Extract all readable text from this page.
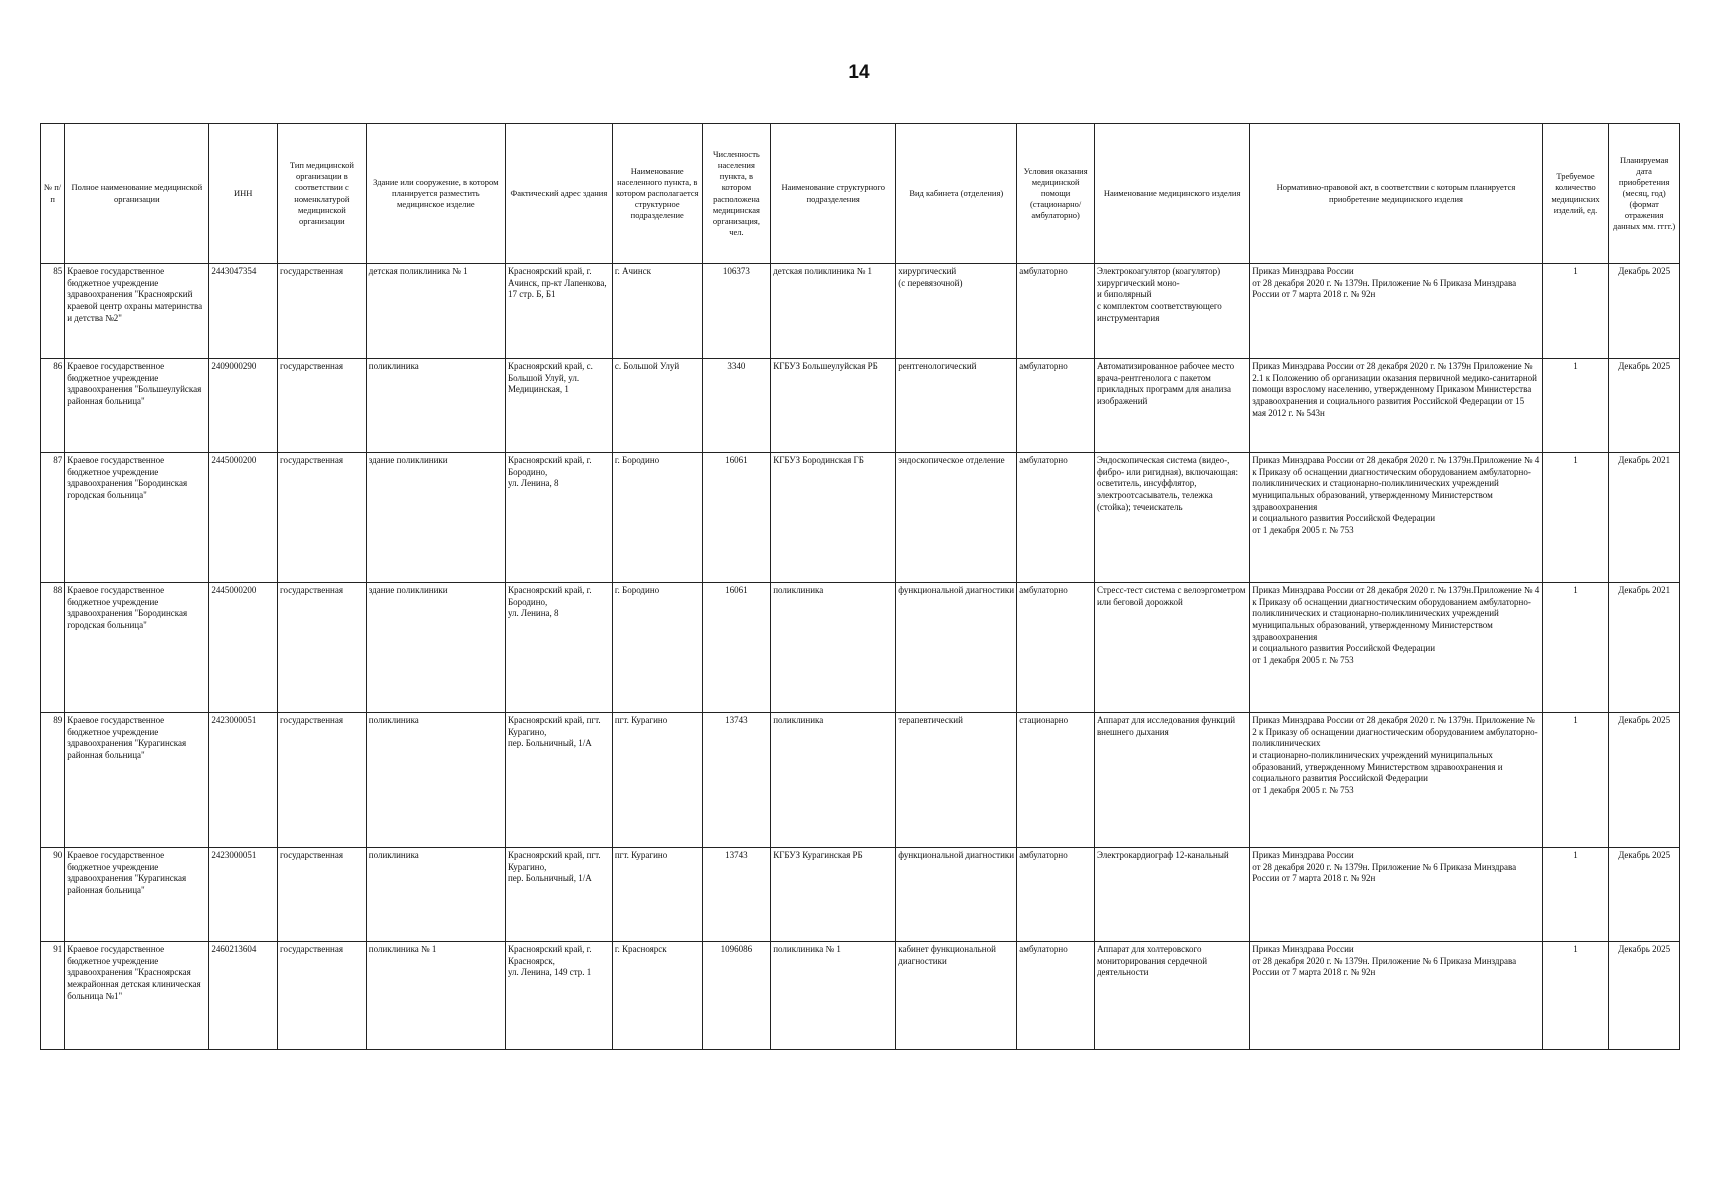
14
№ п/п	Полное наименование медицинской организации	ИНН	Тип медицинской организации в соответствии с номенклатурой медицинской организации	Здание или сооружение, в котором планируется разместить медицинское изделие	Фактический адрес здания	Наименование населенного пункта, в котором располагается структурное подразделение	Численность населения пункта, в котором расположена медицинская организация, чел.	Наименование структурного подразделения	Вид кабинета (отделения)	Условия оказания медицинской помощи (стационарно/ амбулаторно)	Наименование медицинского изделия	Нормативно-правовой акт, в соответствии с которым планируется приобретение медицинского изделия	Требуемое количество медицинских изделий, ед.	Планируемая дата приобретения (месяц, год) (формат отражения данных мм. гггг.)
85	Краевое государственное бюджетное учреждение здравоохранения "Красноярский краевой центр охраны материнства и детства №2"	2443047354	государственная	детская поликлиника № 1	Красноярский край, г. Ачинск, пр-кт Лапенкова, 17 стр. Б, Б1	г. Ачинск	106373	детская поликлиника № 1	хирургический
(с перевязочной)	амбулаторно	Электрокоагулятор (коагулятор) хирургический моно-
и биполярный
с комплектом соответствующего инструментария	Приказ Минздрава России
от 28 декабря 2020 г. № 1379н. Приложение № 6 Приказа Минздрава России от 7 марта 2018 г. № 92н	1	Декабрь 2025
86	Краевое государственное бюджетное учреждение здравоохранения "Большеулуйская районная больница"	2409000290	государственная	поликлиника	Красноярский край, с. Большой Улуй, ул. Медицинская, 1	с. Большой Улуй	3340	КГБУЗ Большеулуйская РБ	рентгенологический	амбулаторно	Автоматизированное рабочее место врача-рентгенолога с пакетом прикладных программ для анализа изображений	Приказ Минздрава России от 28 декабря 2020 г. № 1379н Приложение № 2.1 к Положению об организации оказания первичной медико-санитарной помощи взрослому населению, утвержденному Приказом Министерства здравоохранения и социального развития Российской Федерации от 15 мая 2012 г. № 543н	1	Декабрь 2025
87	Краевое государственное бюджетное учреждение здравоохранения "Бородинская городская больница"	2445000200	государственная	здание поликлиники	Красноярский край, г. Бородино,
ул. Ленина, 8	г. Бородино	16061	КГБУЗ Бородинская ГБ	эндоскопическое отделение	амбулаторно	Эндоскопическая система (видео-, фибро- или ригидная), включающая: осветитель, инсуффлятор, электроотсасыватель, тележка (стойка); течеискатель	Приказ Минздрава России от 28 декабря 2020 г. № 1379н.Приложение № 4 к Приказу об оснащении диагностическим оборудованием амбулаторно-поликлинических и стационарно-поликлинических учреждений муниципальных образований, утвержденному Министерством здравоохранения
и социального развития Российской Федерации
от 1 декабря 2005 г. № 753	1	Декабрь 2021
88	Краевое государственное бюджетное учреждение здравоохранения "Бородинская городская больница"	2445000200	государственная	здание поликлиники	Красноярский край, г. Бородино,
ул. Ленина, 8	г. Бородино	16061	поликлиника	функциональной диагностики	амбулаторно	Стресс-тест система с велоэргометром или беговой дорожкой	Приказ Минздрава России от 28 декабря 2020 г. № 1379н.Приложение № 4 к Приказу об оснащении диагностическим оборудованием амбулаторно-поликлинических и стационарно-поликлинических учреждений муниципальных образований, утвержденному Министерством здравоохранения
и социального развития Российской Федерации
от 1 декабря 2005 г. № 753	1	Декабрь 2021
89	Краевое государственное бюджетное учреждение здравоохранения "Курагинская районная больница"	2423000051	государственная	поликлиника	Красноярский край, пгт. Курагино,
пер. Больничный, 1/А	пгт. Курагино	13743	поликлиника	терапевтический	стационарно	Аппарат для исследования функций внешнего дыхания	Приказ Минздрава России от 28 декабря 2020 г. № 1379н. Приложение № 2 к Приказу об оснащении диагностическим оборудованием амбулаторно-поликлинических
и стационарно-поликлинических учреждений муниципальных образований, утвержденному Министерством здравоохранения и социального развития Российской Федерации
от 1 декабря 2005 г. № 753	1	Декабрь 2025
90	Краевое государственное бюджетное учреждение здравоохранения "Курагинская районная больница"	2423000051	государственная	поликлиника	Красноярский край, пгт. Курагино,
пер. Больничный, 1/А	пгт. Курагино	13743	КГБУЗ Курагинская РБ	функциональной диагностики	амбулаторно	Электрокардиограф 12-канальный	Приказ Минздрава России
от 28 декабря 2020 г. № 1379н. Приложение № 6 Приказа Минздрава России от 7 марта 2018 г. № 92н	1	Декабрь 2025
91	Краевое государственное бюджетное учреждение здравоохранения "Красноярская межрайонная детская клиническая больница №1"	2460213604	государственная	поликлиника № 1	Красноярский край, г. Красноярск,
ул. Ленина, 149 стр. 1	г. Красноярск	1096086	поликлиника № 1	кабинет функциональной диагностики	амбулаторно	Аппарат для холтеровского мониторирования сердечной деятельности	Приказ Минздрава России
от 28 декабря 2020 г. № 1379н. Приложение № 6 Приказа Минздрава России от 7 марта 2018 г. № 92н	1	Декабрь 2025
